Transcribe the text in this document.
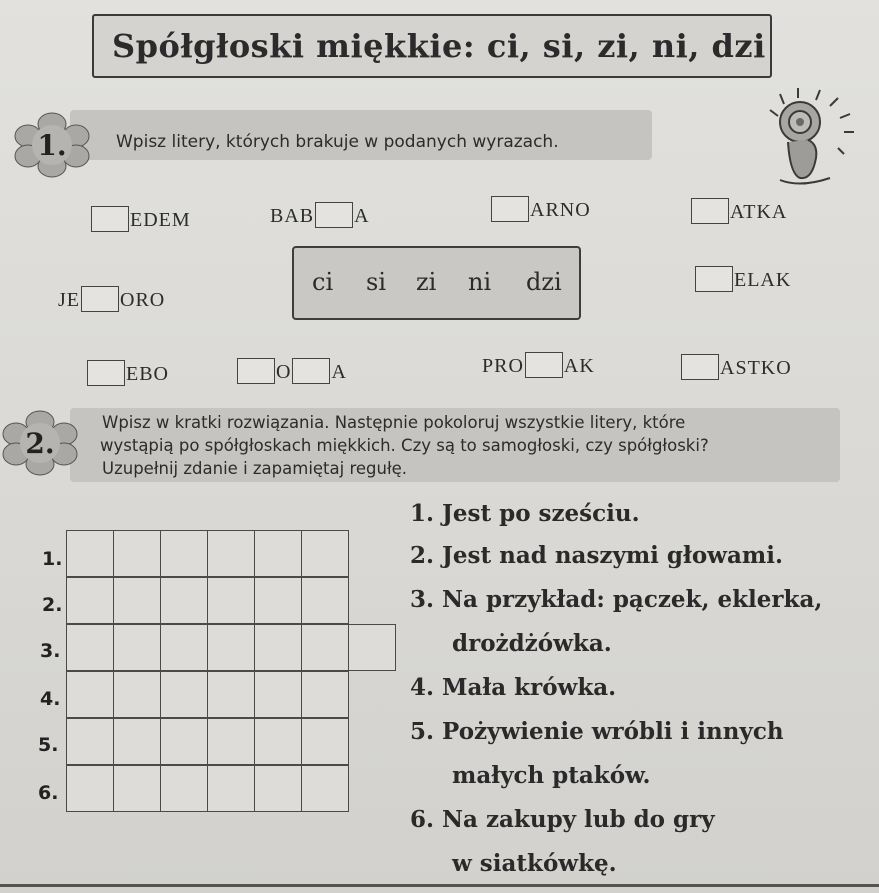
Spółgłoski miękkie: ci, si, zi, ni, dzi
1.	Wpisz litery, których brakuje w podanych wyrazach.
EDEM	BAB A	ARNO	ATKA
JE ORO
ci si zi ni dzi	ELAK
EBO	O A	PRO AK	ASTKO
2.
Wpisz w kratki rozwiązania. Następnie pokoloruj wszystkie litery, które
wystąpią po spółgłoskach miękkich. Czy są to samogłoski, czy spółgłoski?
Uzupełnij zdanie i zapamiętaj regułę.
1.
2.
3.
4.
5.
6.
1. Jest po sześciu.
2. Jest nad naszymi głowami.
3. Na przykład: pączek, eklerka,
drożdżówka.
4. Mała krówka.
5. Pożywienie wróbli i innych
małych ptaków.
6. Na zakupy lub do gry
w siatkówkę.
